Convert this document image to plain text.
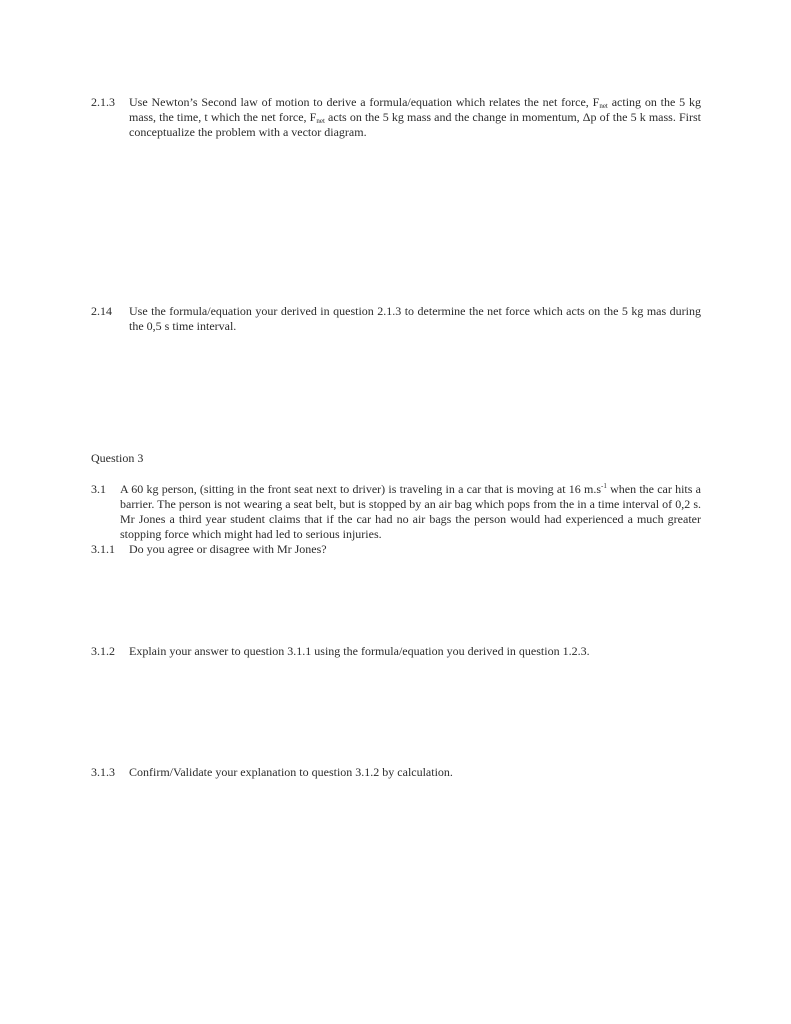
2.1.3	Use Newton’s Second law of motion to derive a formula/equation which relates the net force, $F_{net}$ acting on the 5 kg mass, the time, t which the net force, $F_{net}$ acts on the 5 kg mass and the change in momentum, Δp of the 5 k mass. First conceptualize the problem with a vector diagram.
2.14	Use the formula/equation your derived in question 2.1.3 to determine the net force which acts on the 5 kg mas during the 0,5 s time interval.
Question 3
3.1	A 60 kg person, (sitting in the front seat next to driver) is traveling in a car that is moving at 16 $m.s^{-1}$ when the car hits a barrier. The person is not wearing a seat belt, but is stopped by an air bag which pops from the in a time interval of 0,2 s. Mr Jones a third year student claims that if the car had no air bags the person would had experienced a much greater stopping force which might had led to serious injuries.
3.1.1	Do you agree or disagree with Mr Jones?
3.1.2	Explain your answer to question 3.1.1 using the formula/equation you derived in question 1.2.3.
3.1.3	Confirm/Validate your explanation to question 3.1.2 by calculation.
